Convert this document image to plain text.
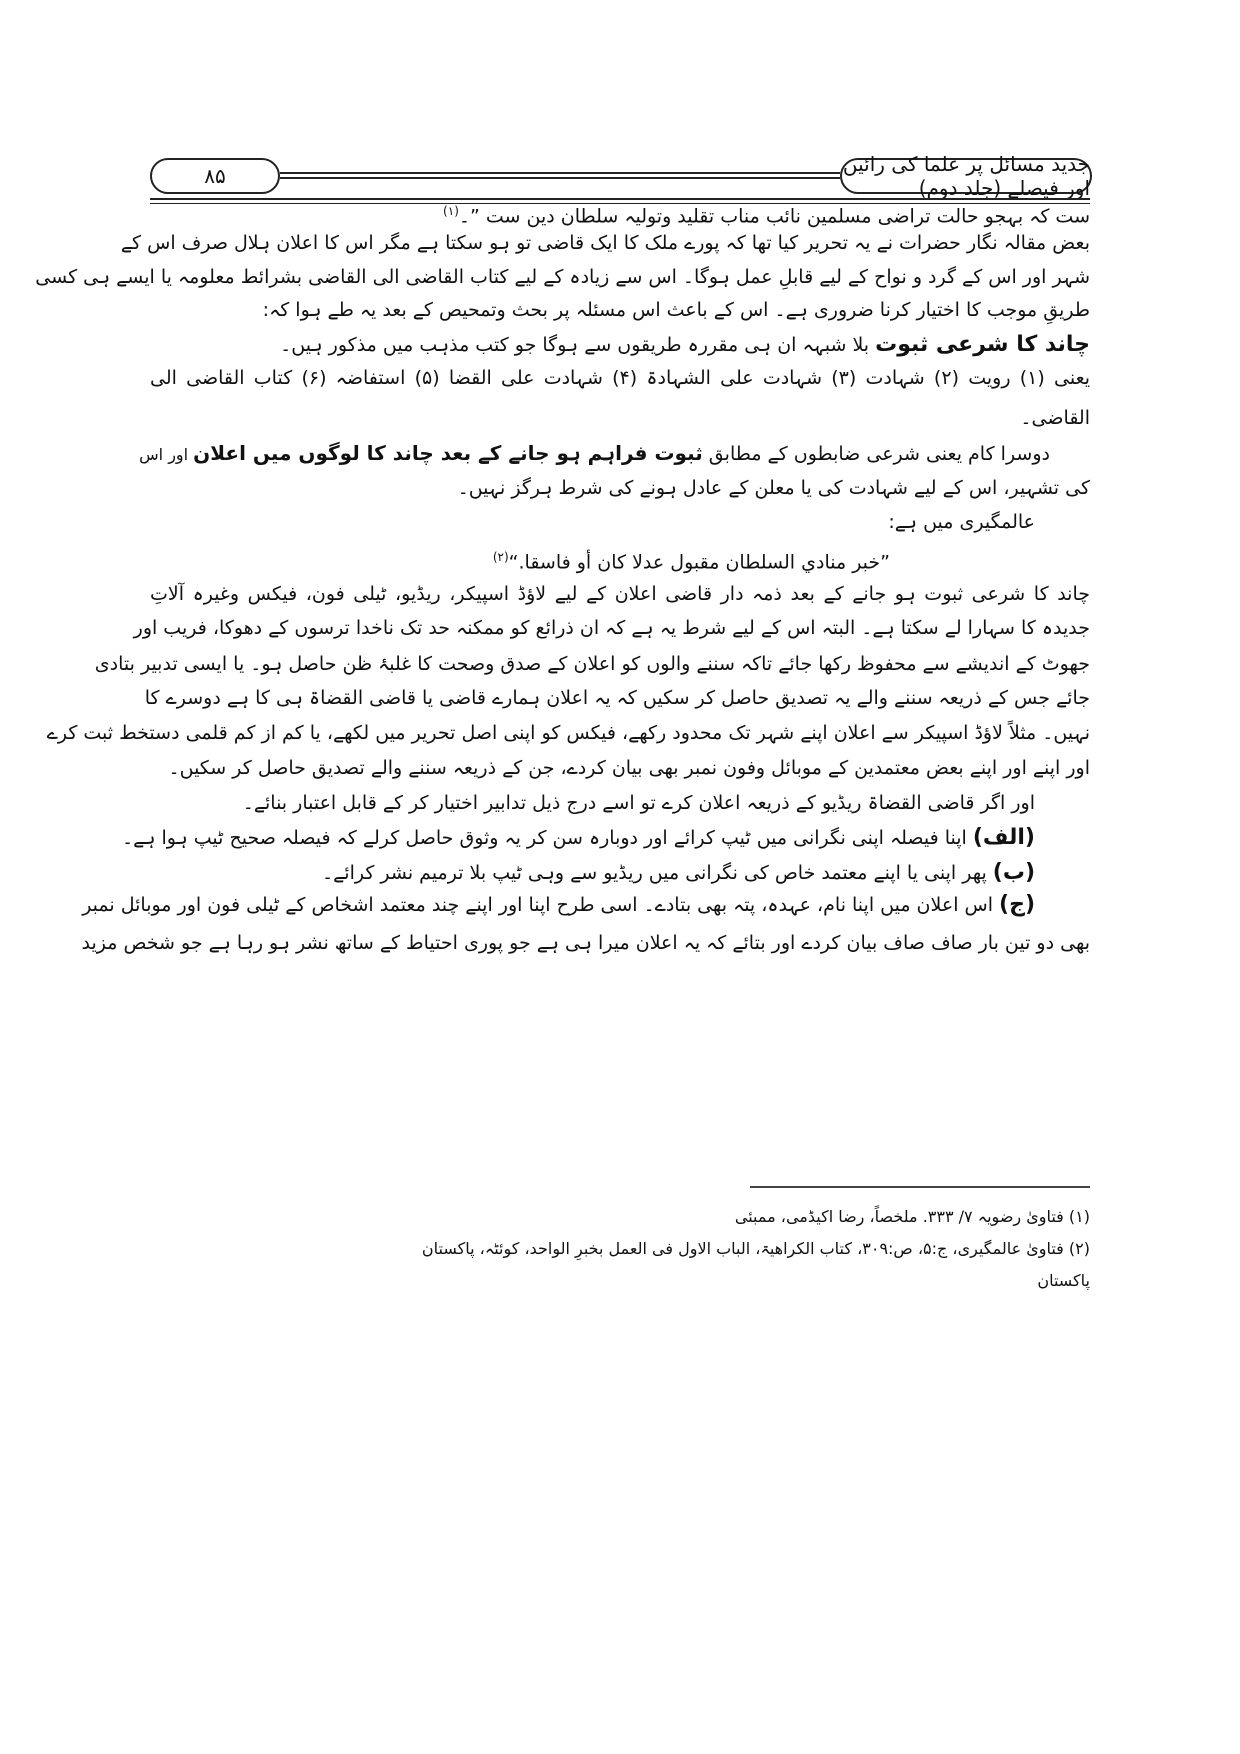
جدید مسائل پر علما کی رائیں اور فیصلے (جلد دوم)
۸۵
ست کہ بہجو حالت تراضی مسلمین نائب مناب تقلید وتولیہ سلطان دین ست ”۔$^{(۱)}$
بعض مقالہ نگار حضرات نے یہ تحریر کیا تھا کہ پورے ملک کا ایک قاضی تو ہو سکتا ہے مگر اس کا اعلان ہلال صرف اس کے
شہر اور اس کے گرد و نواح کے لیے قابلِ عمل ہوگا۔ اس سے زیادہ کے لیے کتاب القاضی الی القاضی بشرائط معلومہ یا ایسے ہی کسی
طریقِ موجب کا اختیار کرنا ضروری ہے۔ اس کے باعث اس مسئلہ پر بحث وتمحیص کے بعد یہ طے ہوا کہ:
چاند کا شرعی ثبوت بلا شبہہ ان ہی مقررہ طریقوں سے ہوگا جو کتب مذہب میں مذکور ہیں۔
یعنی (۱) رویت (۲) شہادت (۳) شہادت علی الشہادۃ (۴) شہادت علی القضا (۵) استفاضہ (۶) کتاب القاضی الی
القاضی۔
دوسرا کام یعنی شرعی ضابطوں کے مطابق ثبوت فراہم ہو جانے کے بعد چاند کا لوگوں میں اعلان اور اس
کی تشہیر، اس کے لیے شہادت کی یا معلن کے عادل ہونے کی شرط ہرگز نہیں۔
عالمگیری میں ہے:
”خبر منادي السلطان مقبول عدلا كان أو فاسقا.“$^{(۲)}$
چاند کا شرعی ثبوت ہو جانے کے بعد ذمہ دار قاضی اعلان کے لیے لاؤڈ اسپیکر، ریڈیو، ٹیلی فون، فیکس وغیرہ آلاتِ
جدیدہ کا سہارا لے سکتا ہے۔ البتہ اس کے لیے شرط یہ ہے کہ ان ذرائع کو ممکنہ حد تک ناخدا ترسوں کے دھوکا، فریب اور
جھوٹ کے اندیشے سے محفوظ رکھا جائے تاکہ سننے والوں کو اعلان کے صدق وصحت کا غلبۂ ظن حاصل ہو۔ یا ایسی تدبیر بتادی
جائے جس کے ذریعہ سننے والے یہ تصدیق حاصل کر سکیں کہ یہ اعلان ہمارے قاضی یا قاضی القضاۃ ہی کا ہے دوسرے کا
نہیں۔ مثلاً لاؤڈ اسپیکر سے اعلان اپنے شہر تک محدود رکھے، فیکس کو اپنی اصل تحریر میں لکھے، یا کم از کم قلمی دستخط ثبت کرے
اور اپنے اور اپنے بعض معتمدین کے موبائل وفون نمبر بھی بیان کردے، جن کے ذریعہ سننے والے تصدیق حاصل کر سکیں۔
اور اگر قاضی القضاۃ ریڈیو کے ذریعہ اعلان کرے تو اسے درج ذیل تدابیر اختیار کر کے قابل اعتبار بنائے۔
(الف) اپنا فیصلہ اپنی نگرانی میں ٹیپ کرائے اور دوبارہ سن کر یہ وثوق حاصل کرلے کہ فیصلہ صحیح ٹیپ ہوا ہے۔
(ب) پھر اپنی یا اپنے معتمد خاص کی نگرانی میں ریڈیو سے وہی ٹیپ بلا ترمیم نشر کرائے۔
(ج) اس اعلان میں اپنا نام، عہدہ، پتہ بھی بتادے۔ اسی طرح اپنا اور اپنے چند معتمد اشخاص کے ٹیلی فون اور موبائل نمبر
بھی دو تین بار صاف صاف بیان کردے اور بتائے کہ یہ اعلان میرا ہی ہے جو پوری احتیاط کے ساتھ نشر ہو رہا ہے جو شخص مزید
(۱) فتاویٰ رضویہ ۷/ ۳۳۳. ملخصاً، رضا اکیڈمی، ممبئی
(۲) فتاویٰ عالمگیری، ج:۵، ص:۳۰۹، کتاب الکراھیۃ، الباب الاول فی العمل بخبرِ الواحد، کوئٹہ، پاکستان
پاکستان
